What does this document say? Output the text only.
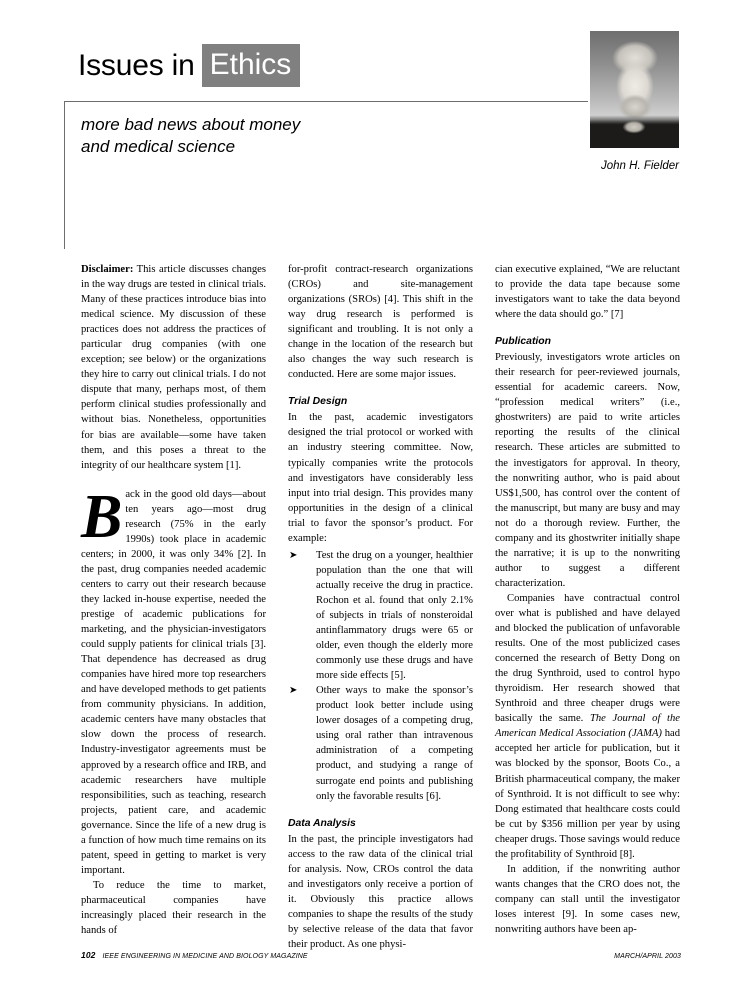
Issues in Ethics
more bad news about money
and medical science
John H. Fielder

Disclaimer: This article discusses changes in the way drugs are tested in clinical trials. Many of these practices introduce bias into medical science. My discussion of these practices does not address the practices of particular drug companies (with one exception; see below) or the organizations they hire to carry out clinical trials. I do not dispute that many, perhaps most, of them perform clinical studies professionally and without bias. Nonetheless, opportunities for bias are available—some have taken them, and this poses a threat to the integrity of our healthcare system [1].

Back in the good old days—about ten years ago—most drug research (75% in the early 1990s) took place in academic centers; in 2000, it was only 34% [2]. In the past, drug companies needed academic centers to carry out their research because they lacked in-house expertise, needed the prestige of academic publications for marketing, and the physician-investigators could supply patients for clinical trials [3]. That dependence has decreased as drug companies have hired more top researchers and have developed methods to get patients from community physicians. In addition, academic centers have many obstacles that slow down the process of research. Industry-investigator agreements must be approved by a research office and IRB, and academic researchers have multiple responsibilities, such as teaching, research projects, patient care, and academic governance. Since the life of a new drug is a function of how much time remains on its patent, speed in getting to market is very important.

To reduce the time to market, pharmaceutical companies have increasingly placed their research in the hands of

for-profit contract-research organizations (CROs) and site-management organizations (SROs) [4]. This shift in the way drug research is performed is significant and troubling. It is not only a change in the location of the research but also changes the way such research is conducted. Here are some major issues.

Trial Design

In the past, academic investigators designed the trial protocol or worked with an industry steering committee. Now, typically companies write the protocols and investigators have considerably less input into trial design. This provides many opportunities in the design of a clinical trial to favor the sponsor’s product. For example:

➤ Test the drug on a younger, healthier population than the one that will actually receive the drug in practice. Rochon et al. found that only 2.1% of subjects in trials of nonsteroidal antinflammatory drugs were 65 or older, even though the elderly more commonly use these drugs and have more side effects [5].
➤ Other ways to make the sponsor’s product look better include using lower dosages of a competing drug, using oral rather than intravenous administration of a competing product, and studying a range of surrogate end points and publishing only the favorable results [6].
Data Analysis

In the past, the principle investigators had access to the raw data of the clinical trial for analysis. Now, CROs control the data and investigators only receive a portion of it. Obviously this practice allows companies to shape the results of the study by selective release of the data that favor their product. As one physi-

cian executive explained, “We are reluctant to provide the data tape because some investigators want to take the data beyond where the data should go.” [7]

Publication

Previously, investigators wrote articles on their research for peer-reviewed journals, essential for academic careers. Now, “profession medical writers” (i.e., ghostwriters) are paid to write articles reporting the results of the clinical research. These articles are submitted to the investigators for approval. In theory, the nonwriting author, who is paid about US$1,500, has control over the content of the manuscript, but many are busy and may not do a thorough review. Further, the company and its ghostwriter initially shape the narrative; it is up to the nonwriting author to suggest a different characterization.

Companies have contractual control over what is published and have delayed and blocked the publication of unfavorable results. One of the most publicized cases concerned the research of Betty Dong on the drug Synthroid, used to control hypo thyroidism. Her research showed that Synthroid and three cheaper drugs were basically the same. The Journal of the American Medical Association (JAMA) had accepted her article for publication, but it was blocked by the sponsor, Boots Co., a British pharmaceutical company, the maker of Synthroid. It is not difficult to see why: Dong estimated that healthcare costs could be cut by $356 million per year by using cheaper drugs. Those savings would reduce the profitability of Synthroid [8].

In addition, if the nonwriting author wants changes that the CRO does not, the company can stall until the investigator loses interest [9]. In some cases new, nonwriting authors have been ap-

102 IEEE ENGINEERING IN MEDICINE AND BIOLOGY MAGAZINE	MARCH/APRIL 2003
